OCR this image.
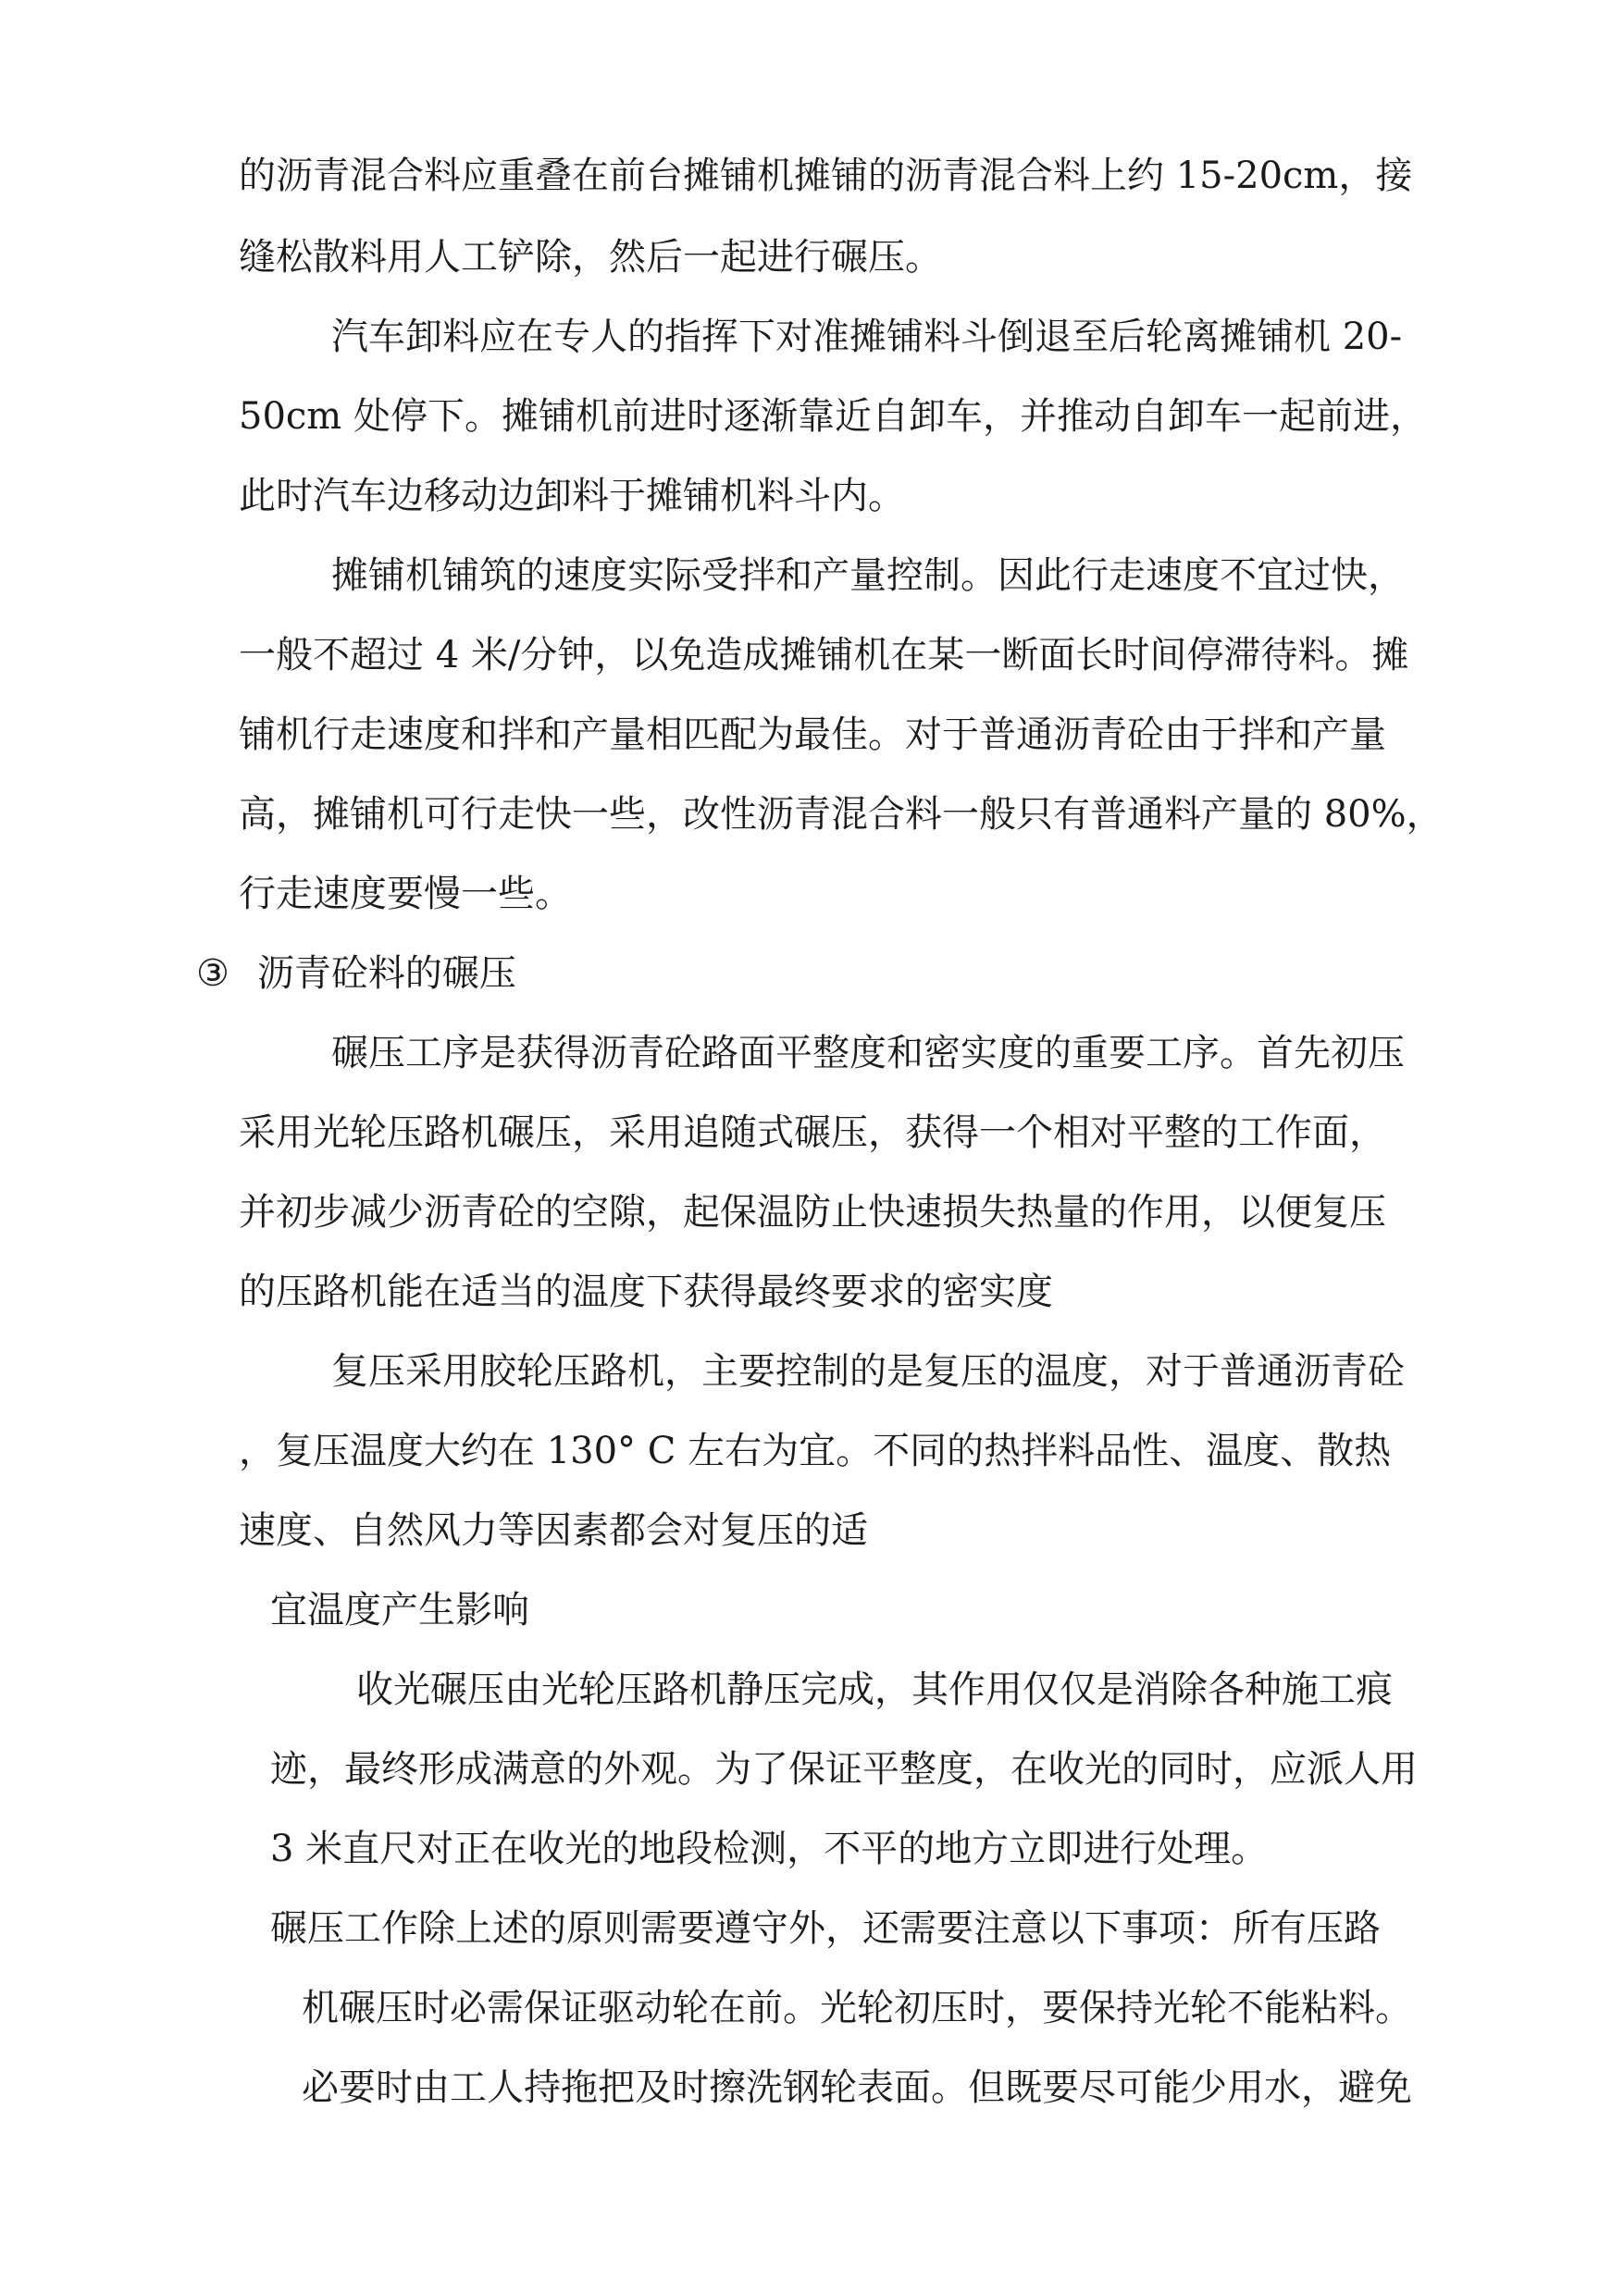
的沥青混合料应重叠在前台摊铺机摊铺的沥青混合料上约 15-20cm，接
缝松散料用人工铲除，然后一起进行碾压。
汽车卸料应在专人的指挥下对准摊铺料斗倒退至后轮离摊铺机 20-
50cm 处停下。摊铺机前进时逐渐靠近自卸车，并推动自卸车一起前进，
此时汽车边移动边卸料于摊铺机料斗内。
摊铺机铺筑的速度实际受拌和产量控制。因此行走速度不宜过快，
一般不超过 4 米/分钟，以免造成摊铺机在某一断面长时间停滞待料。摊
铺机行走速度和拌和产量相匹配为最佳。对于普通沥青砼由于拌和产量
高，摊铺机可行走快一些，改性沥青混合料一般只有普通料产量的 80%，
行走速度要慢一些。
③ 沥青砼料的碾压
碾压工序是获得沥青砼路面平整度和密实度的重要工序。首先初压
采用光轮压路机碾压，采用追随式碾压，获得一个相对平整的工作面，
并初步减少沥青砼的空隙，起保温防止快速损失热量的作用，以便复压
的压路机能在适当的温度下获得最终要求的密实度
复压采用胶轮压路机，主要控制的是复压的温度，对于普通沥青砼
，复压温度大约在 130° C 左右为宜。不同的热拌料品性、温度、散热
速度、自然风力等因素都会对复压的适
宜温度产生影响
收光碾压由光轮压路机静压完成，其作用仅仅是消除各种施工痕
迹，最终形成满意的外观。为了保证平整度，在收光的同时，应派人用
3 米直尺对正在收光的地段检测，不平的地方立即进行处理。
碾压工作除上述的原则需要遵守外，还需要注意以下事项：所有压路
机碾压时必需保证驱动轮在前。光轮初压时，要保持光轮不能粘料。
必要时由工人持拖把及时擦洗钢轮表面。但既要尽可能少用水，避免
